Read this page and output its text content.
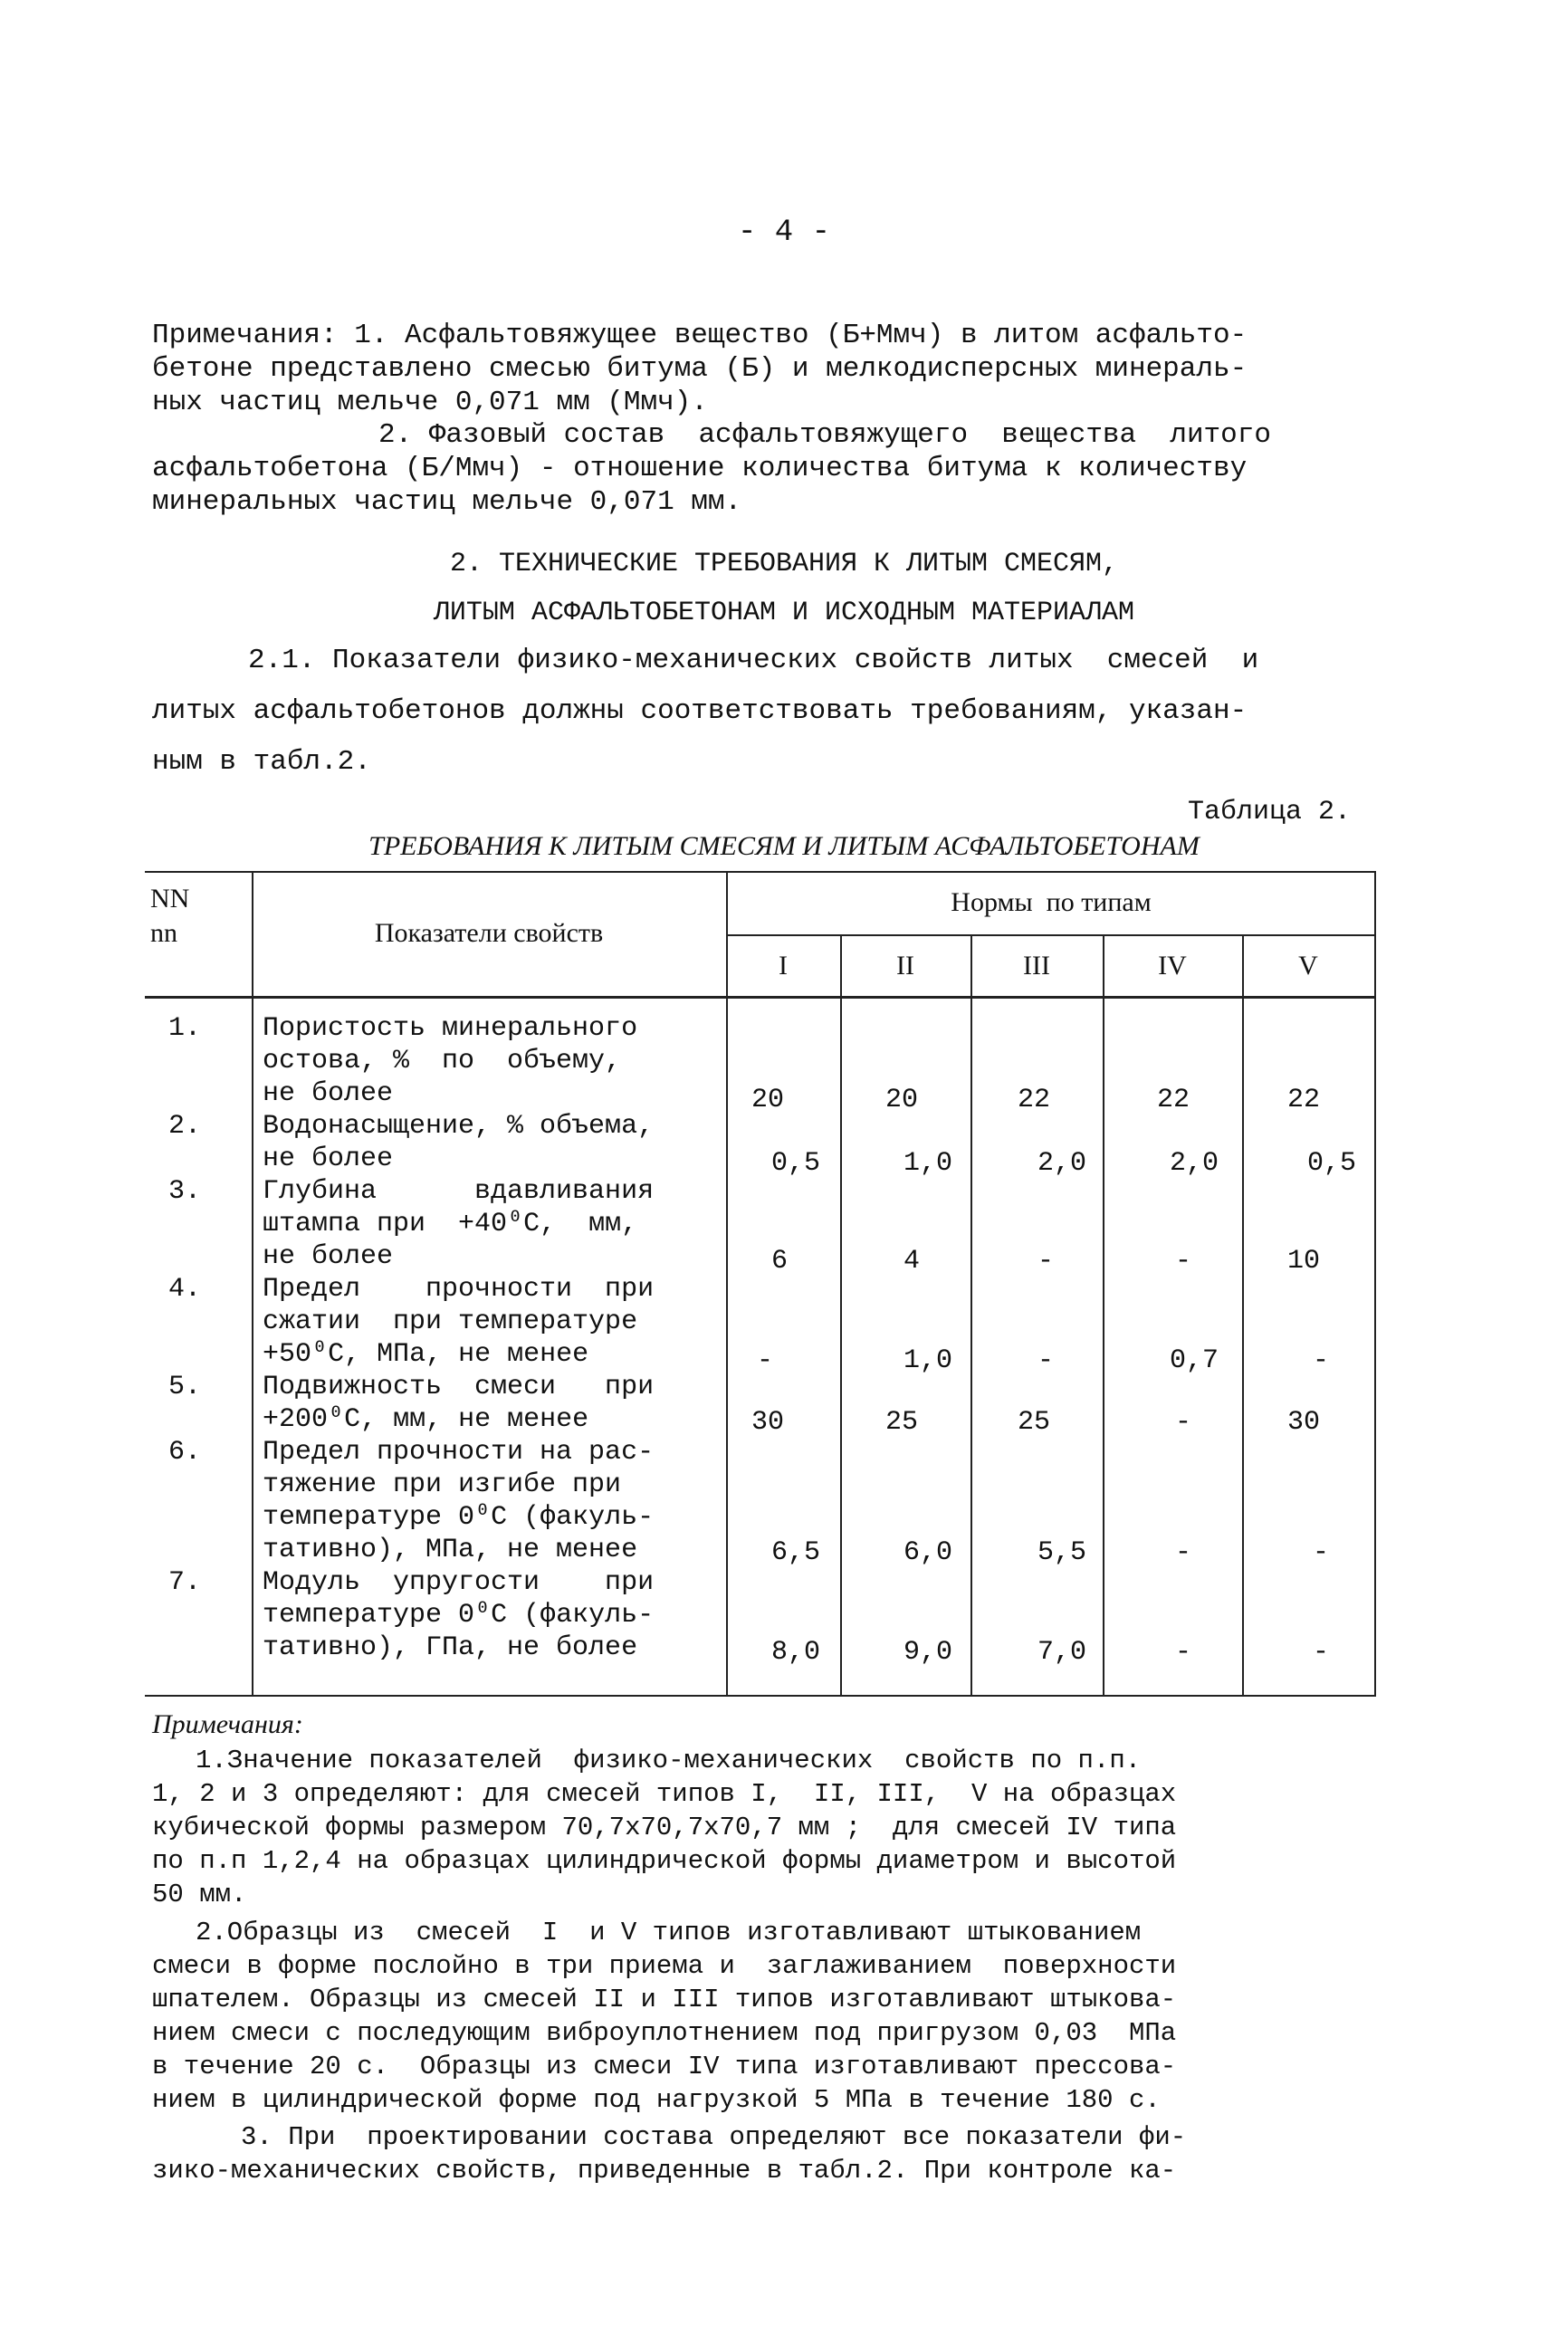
- 4 -
Примечания: 1. Асфальтовяжущее вещество (Б+Ммч) в литом асфальто-
бетоне представлено смесью битума (Б) и мелкодисперсных минераль-
ных частиц мельче 0,071 мм (Ммч).
2. Фазовый состав  асфальтовяжущего  вещества  литого
асфальтобетона (Б/Ммч) - отношение количества битума к количеству
минеральных частиц мельче 0,071 мм.
2. ТЕХНИЧЕСКИЕ ТРЕБОВАНИЯ К ЛИТЫМ СМЕСЯМ,
ЛИТЫМ АСФАЛЬТОБЕТОНАМ И ИСХОДНЫМ МАТЕРИАЛАМ
2.1. Показатели физико-механических свойств литых  смесей  и
литых асфальтобетонов должны соответствовать требованиям, указан-
ным в табл.2.
Таблица 2.
ТРЕБОВАНИЯ К ЛИТЫМ СМЕСЯМ И ЛИТЫМ АСФАЛЬТОБЕТОНАМ
NN
nn	Показатели свойств
Нормы  по типам
I	II	III	IV	V
1. Пористость минерального
остова, %  по  объему,
не более	20	20	22	22	22
2. Водонасыщение, % объема,
не более	0,5	1,0	2,0	2,0	0,5
3. Глубина      вдавливания
штампа при  +40⁰С,  мм,
не более	6	4	-	-	10
4. Предел    прочности  при
сжатии  при температуре
+50⁰С, МПа, не менее	-	1,0	-	0,7	-
5. Подвижность  смеси   при
+200⁰С, мм, не менее	30	25	25	-	30
6. Предел прочности на рас-
тяжение при изгибе при
температуре 0⁰С (факуль-
тативно), МПа, не менее	6,5	6,0	5,5	-	-
7. Модуль  упругости    при
температуре 0⁰С (факуль-
тативно), ГПа, не более	8,0	9,0	7,0	-	-
Примечания:
1.Значение показателей  физико-механических  свойств по п.п.
1, 2 и 3 определяют: для смесей типов I,  II, III,  V на образцах
кубической формы размером 70,7х70,7х70,7 мм ;  для смесей IV типа
по п.п 1,2,4 на образцах цилиндрической формы диаметром и высотой
50 мм.
2.Образцы из  смесей  I  и V типов изготавливают штыкованием
смеси в форме послойно в три приема и  заглаживанием  поверхности
шпателем. Образцы из смесей II и III типов изготавливают штыкова-
нием смеси с последующим виброуплотнением под пригрузом 0,03  МПа
в течение 20 с.  Образцы из смеси IV типа изготавливают прессова-
нием в цилиндрической форме под нагрузкой 5 МПа в течение 180 с.
3. При  проектировании состава определяют все показатели фи-
зико-механических свойств, приведенные в табл.2. При контроле ка-
